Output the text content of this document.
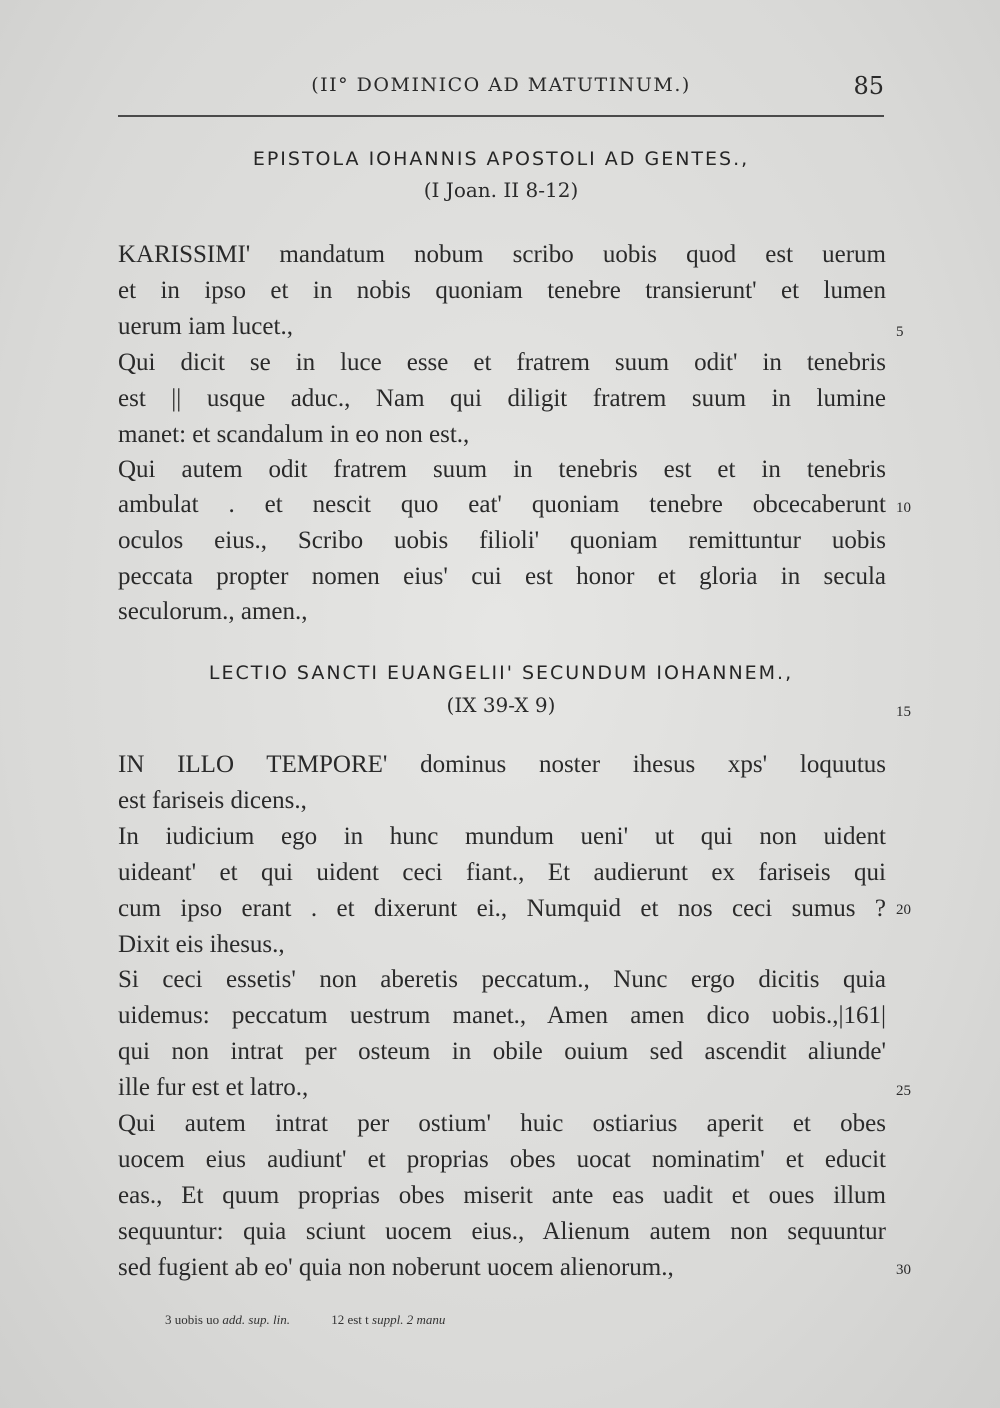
(II° DOMINICO AD MATUTINUM.)	85
EPISTOLA IOHANNIS APOSTOLI AD GENTES.,
(I Joan. II 8-12)
KARISSIMI' mandatum nobum scribo uobis quod est uerum
et in ipso et in nobis quoniam tenebre transierunt' et lumen
uerum iam lucet.,
Qui dicit se in luce esse et fratrem suum odit' in tenebris
est || usque aduc., Nam qui diligit fratrem suum in lumine
manet: et scandalum in eo non est.,
Qui autem odit fratrem suum in tenebris est et in tenebris
ambulat . et nescit quo eat' quoniam tenebre obcecaberunt
oculos eius., Scribo uobis filioli' quoniam remittuntur uobis
peccata propter nomen eius' cui est honor et gloria in secula
seculorum., amen.,
LECTIO SANCTI EUANGELII' SECUNDUM IOHANNEM.,
(IX 39-X 9)
IN ILLO TEMPORE' dominus noster ihesus xps' loquutus
est fariseis dicens.,
In iudicium ego in hunc mundum ueni' ut qui non uident
uideant' et qui uident ceci fiant., Et audierunt ex fariseis qui
cum ipso erant . et dixerunt ei., Numquid et nos ceci sumus ?
Dixit eis ihesus.,
Si ceci essetis' non aberetis peccatum., Nunc ergo dicitis quia
uidemus: peccatum uestrum manet., Amen amen dico uobis.,|161|
qui non intrat per osteum in obile ouium sed ascendit aliunde'
ille fur est et latro.,
Qui autem intrat per ostium' huic ostiarius aperit et obes
uocem eius audiunt' et proprias obes uocat nominatim' et educit
eas., Et quum proprias obes miserit ante eas uadit et oues illum
sequuntur: quia sciunt uocem eius., Alienum autem non sequuntur
sed fugient ab eo' quia non noberunt uocem alienorum.,
5
10
15
20
25
30
3 uobis uo add. sup. lin.	12 est t suppl. 2 manu
